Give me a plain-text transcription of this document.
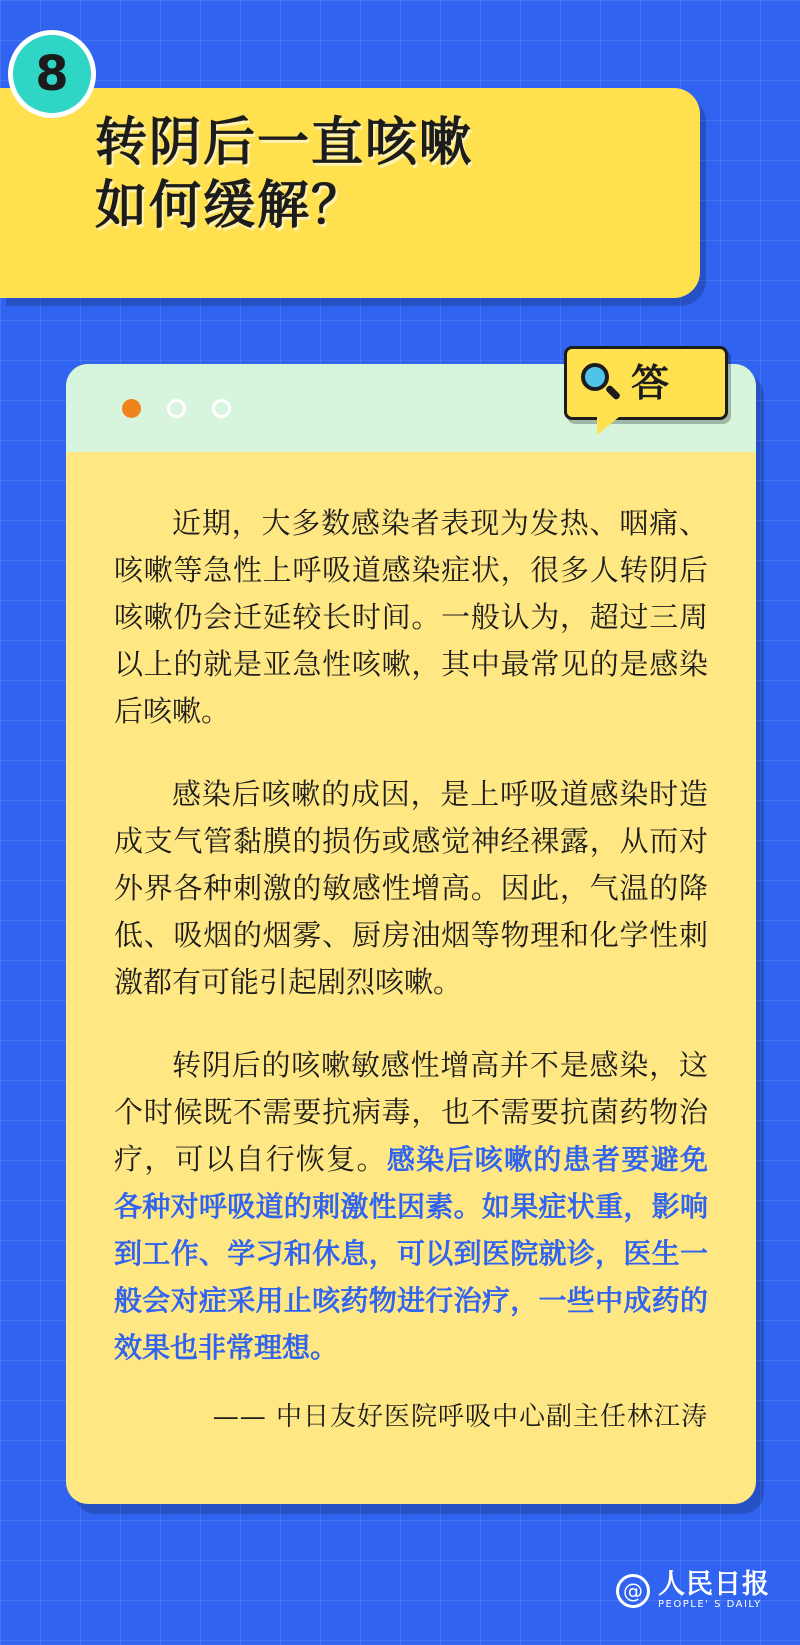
8
转阴后一直咳嗽
如何缓解？
答

近期，大多数感染者表现为发热、咽痛、咳嗽等急性上呼吸道感染症状，很多人转阴后咳嗽仍会迁延较长时间。一般认为，超过三周以上的就是亚急性咳嗽，其中最常见的是感染后咳嗽。

感染后咳嗽的成因，是上呼吸道感染时造成支气管黏膜的损伤或感觉神经裸露，从而对外界各种刺激的敏感性增高。因此，气温的降低、吸烟的烟雾、厨房油烟等物理和化学性刺激都有可能引起剧烈咳嗽。

转阴后的咳嗽敏感性增高并不是感染，这个时候既不需要抗病毒，也不需要抗菌药物治疗，可以自行恢复。感染后咳嗽的患者要避免各种对呼吸道的刺激性因素。如果症状重，影响到工作、学习和休息，可以到医院就诊，医生一般会对症采用止咳药物进行治疗，一些中成药的效果也非常理想。

—— 中日友好医院呼吸中心副主任林江涛
@ 人民日报
PEOPLE' S DAILY
